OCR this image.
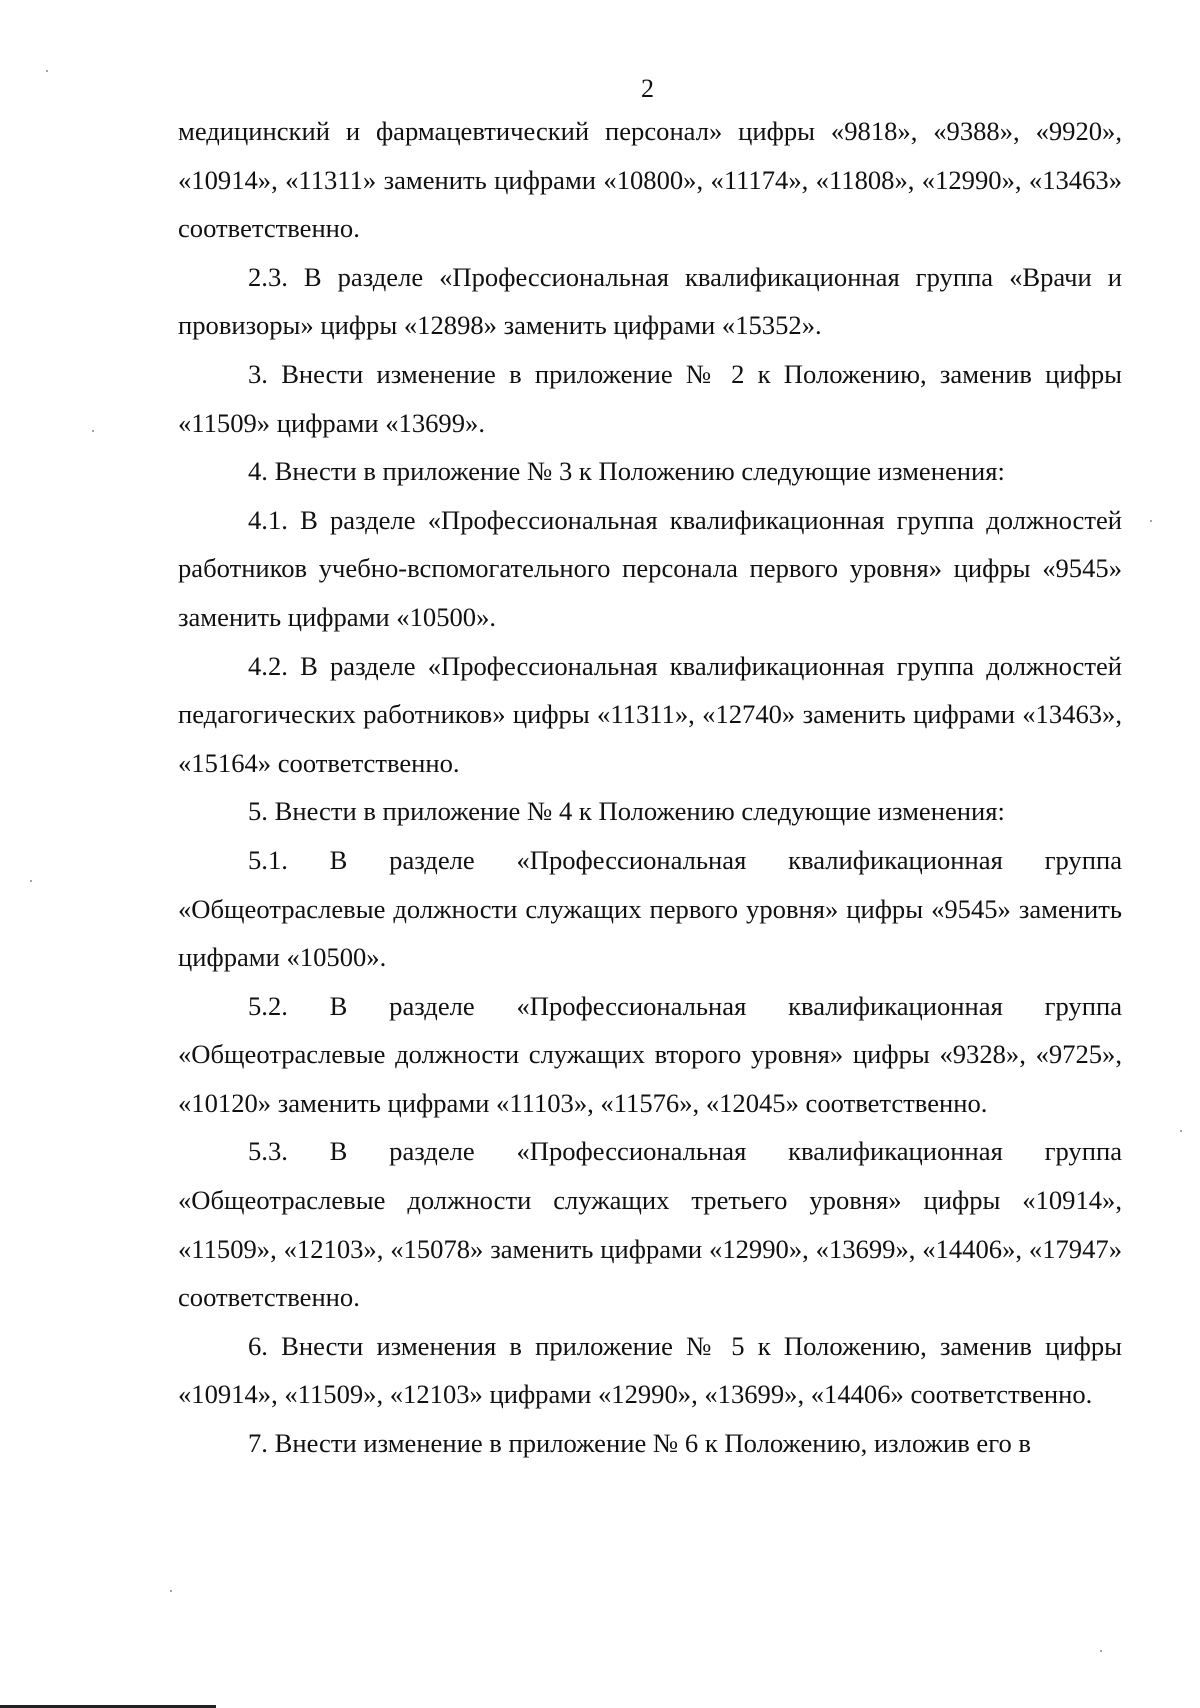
2

медицинский и фармацевтический персонал» цифры «9818», «9388», «9920», «10914», «11311» заменить цифрами «10800», «11174», «11808», «12990», «13463» соответственно.

2.3. В разделе «Профессиональная квалификационная группа «Врачи и провизоры» цифры «12898» заменить цифрами «15352».

3. Внести изменение в приложение № 2 к Положению, заменив цифры «11509» цифрами «13699».

4. Внести в приложение № 3 к Положению следующие изменения:

4.1. В разделе «Профессиональная квалификационная группа должностей работников учебно-вспомогательного персонала первого уровня» цифры «9545» заменить цифрами «10500».

4.2. В разделе «Профессиональная квалификационная группа должностей педагогических работников» цифры «11311», «12740» заменить цифрами «13463», «15164» соответственно.

5. Внести в приложение № 4 к Положению следующие изменения:

5.1. В разделе «Профессиональная квалификационная группа «Общеотраслевые должности служащих первого уровня» цифры «9545» заменить цифрами «10500».

5.2. В разделе «Профессиональная квалификационная группа «Общеотраслевые должности служащих второго уровня» цифры «9328», «9725», «10120» заменить цифрами «11103», «11576», «12045» соответственно.

5.3. В разделе «Профессиональная квалификационная группа «Общеотраслевые должности служащих третьего уровня» цифры «10914», «11509», «12103», «15078» заменить цифрами «12990», «13699», «14406», «17947» соответственно.

6. Внести изменения в приложение № 5 к Положению, заменив цифры «10914», «11509», «12103» цифрами «12990», «13699», «14406» соответственно.

7. Внести изменение в приложение № 6 к Положению, изложив его в
